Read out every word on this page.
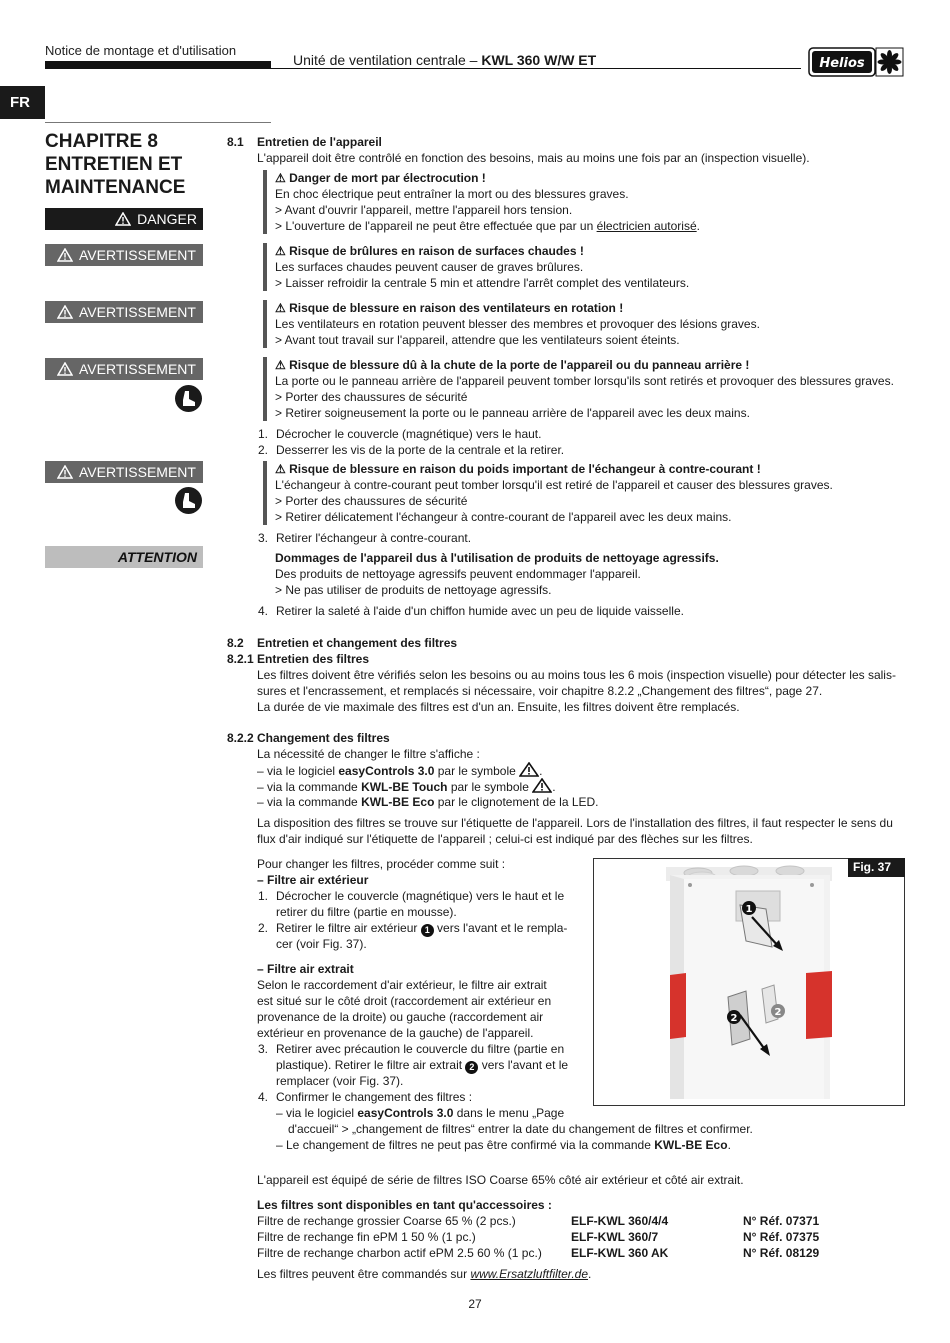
Notice de montage et d'utilisation
Unité de ventilation centrale – KWL 360 W/W ET	Helios
FR
CHAPITRE 8
ENTRETIEN ET
MAINTENANCE
DANGER
AVERTISSEMENT
AVERTISSEMENT
AVERTISSEMENT
AVERTISSEMENT
ATTENTION
8.1 Entretien de l'appareil
L'appareil doit être contrôlé en fonction des besoins, mais au moins une fois par an (inspection visuelle).
⚠ Danger de mort par électrocution !
En choc électrique peut entraîner la mort ou des blessures graves.
> Avant d'ouvrir l'appareil, mettre l'appareil hors tension.
> L'ouverture de l'appareil ne peut être effectuée que par un électricien autorisé.
⚠ Risque de brûlures en raison de surfaces chaudes !
Les surfaces chaudes peuvent causer de graves brûlures.
> Laisser refroidir la centrale 5 min et attendre l'arrêt complet des ventilateurs.
⚠ Risque de blessure en raison des ventilateurs en rotation !
Les ventilateurs en rotation peuvent blesser des membres et provoquer des lésions graves.
> Avant tout travail sur l'appareil, attendre que les ventilateurs soient éteints.
⚠ Risque de blessure dû à la chute de la porte de l'appareil ou du panneau arrière !
La porte ou le panneau arrière de l'appareil peuvent tomber lorsqu'ils sont retirés et provoquer des blessures graves.
> Porter des chaussures de sécurité
> Retirer soigneusement la porte ou le panneau arrière de l'appareil avec les deux mains.
1. Décrocher le couvercle (magnétique) vers le haut.
2. Desserrer les vis de la porte de la centrale et la retirer.
⚠ Risque de blessure en raison du poids important de l'échangeur à contre-courant !
L'échangeur à contre-courant peut tomber lorsqu'il est retiré de l'appareil et causer des blessures graves.
> Porter des chaussures de sécurité
> Retirer délicatement l'échangeur à contre-courant de l'appareil avec les deux mains.
3. Retirer l'échangeur à contre-courant.
Dommages de l'appareil dus à l'utilisation de produits de nettoyage agressifs.
Des produits de nettoyage agressifs peuvent endommager l'appareil.
> Ne pas utiliser de produits de nettoyage agressifs.
4. Retirer la saleté à l'aide d'un chiffon humide avec un peu de liquide vaisselle.
8.2 Entretien et changement des filtres
8.2.1 Entretien des filtres
Les filtres doivent être vérifiés selon les besoins ou au moins tous les 6 mois (inspection visuelle) pour détecter les salis-
sures et l'encrassement, et remplacés si nécessaire, voir chapitre 8.2.2 „Changement des filtres“, page 27.
La durée de vie maximale des filtres est d'un an. Ensuite, les filtres doivent être remplacés.
8.2.2 Changement des filtres
La nécessité de changer le filtre s'affiche :
– via le logiciel easyControls 3.0 par le symbole .
– via la commande KWL-BE Touch par le symbole .
– via la commande KWL-BE Eco par le clignotement de la LED.
La disposition des filtres se trouve sur l'étiquette de l'appareil. Lors de l'installation des filtres, il faut respecter le sens du
flux d'air indiqué sur l'étiquette de l'appareil ; celui-ci est indiqué par des flèches sur les filtres.
Pour changer les filtres, procéder comme suit :
– Filtre air extérieur
1. Décrocher le couvercle (magnétique) vers le haut et le
retirer du filtre (partie en mousse).
2. Retirer le filtre air extérieur 1 vers l'avant et le rempla-
cer (voir Fig. 37).
– Filtre air extrait
Selon le raccordement d'air extérieur, le filtre air extrait
est situé sur le côté droit (raccordement air extérieur en
provenance de la droite) ou gauche (raccordement air
extérieur en provenance de la gauche) de l'appareil.
3. Retirer avec précaution le couvercle du filtre (partie en
plastique). Retirer le filtre air extrait 2 vers l'avant et le
remplacer (voir Fig. 37).
4. Confirmer le changement des filtres :
– via le logiciel easyControls 3.0 dans le menu „Page
d'accueil“ > „changement de filtres“ entrer la date du changement de filtres et confirmer.
– Le changement de filtres ne peut pas être confirmé via la commande KWL-BE Eco.
L'appareil est équipé de série de filtres ISO Coarse 65% côté air extérieur et côté air extrait.
Les filtres sont disponibles en tant qu'accessoires :
Filtre de rechange grossier Coarse 65 % (2 pcs.)	ELF-KWL 360/4/4	N° Réf. 07371
Filtre de rechange fin ePM 1 50 % (1 pc.)	ELF-KWL 360/7	N° Réf. 07375
Filtre de rechange charbon actif ePM 2.5 60 % (1 pc.) ELF-KWL 360 AK	N° Réf. 08129
Les filtres peuvent être commandés sur www.Ersatzluftfilter.de.
1
2
2
Fig. 37
27
